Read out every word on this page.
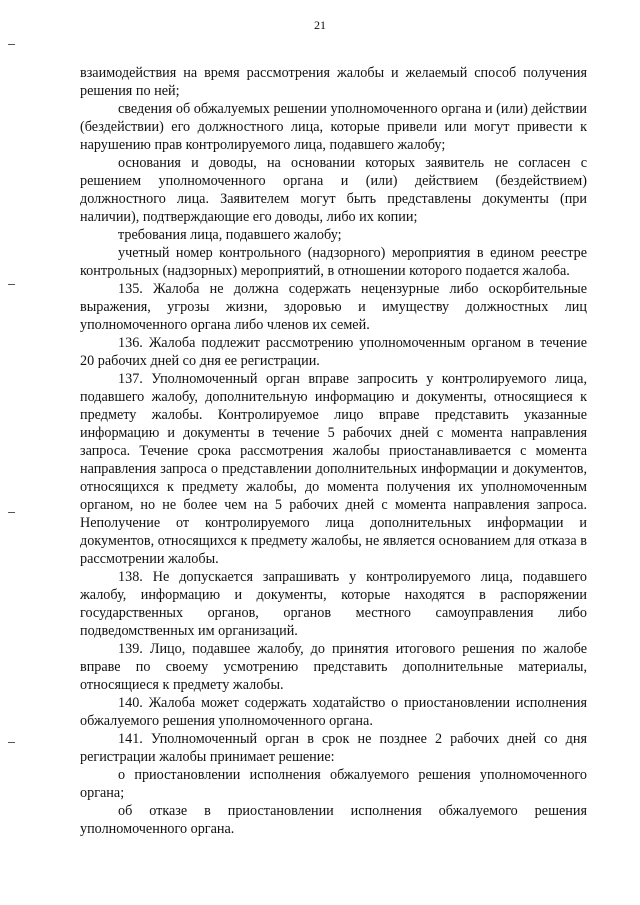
21

взаимодействия на время рассмотрения жалобы и желаемый способ получения решения по ней;

сведения об обжалуемых решении уполномоченного органа и (или) действии (бездействии) его должностного лица, которые привели или могут привести к нарушению прав контролируемого лица, подавшего жалобу;

основания и доводы, на основании которых заявитель не согласен с решением уполномоченного органа и (или) действием (бездействием) должностного лица. Заявителем могут быть представлены документы (при наличии), подтверждающие его доводы, либо их копии;

требования лица, подавшего жалобу;

учетный номер контрольного (надзорного) мероприятия в едином реестре контрольных (надзорных) мероприятий, в отношении которого подается жалоба.

135. Жалоба не должна содержать нецензурные либо оскорбительные выражения, угрозы жизни, здоровью и имуществу должностных лиц уполномоченного органа либо членов их семей.

136. Жалоба подлежит рассмотрению уполномоченным органом в течение 20 рабочих дней со дня ее регистрации.

137. Уполномоченный орган вправе запросить у контролируемого лица, подавшего жалобу, дополнительную информацию и документы, относящиеся к предмету жалобы. Контролируемое лицо вправе представить указанные информацию и документы в течение 5 рабочих дней с момента направления запроса. Течение срока рассмотрения жалобы приостанавливается с момента направления запроса о представлении дополнительных информации и документов, относящихся к предмету жалобы, до момента получения их уполномоченным органом, но не более чем на 5 рабочих дней с момента направления запроса. Неполучение от контролируемого лица дополнительных информации и документов, относящихся к предмету жалобы, не является основанием для отказа в рассмотрении жалобы.

138. Не допускается запрашивать у контролируемого лица, подавшего жалобу, информацию и документы, которые находятся в распоряжении государственных органов, органов местного самоуправления либо подведомственных им организаций.

139. Лицо, подавшее жалобу, до принятия итогового решения по жалобе вправе по своему усмотрению представить дополнительные материалы, относящиеся к предмету жалобы.

140. Жалоба может содержать ходатайство о приостановлении исполнения обжалуемого решения уполномоченного органа.

141. Уполномоченный орган в срок не позднее 2 рабочих дней со дня регистрации жалобы принимает решение:

о приостановлении исполнения обжалуемого решения уполномоченного органа;

об отказе в приостановлении исполнения обжалуемого решения уполномоченного органа.
